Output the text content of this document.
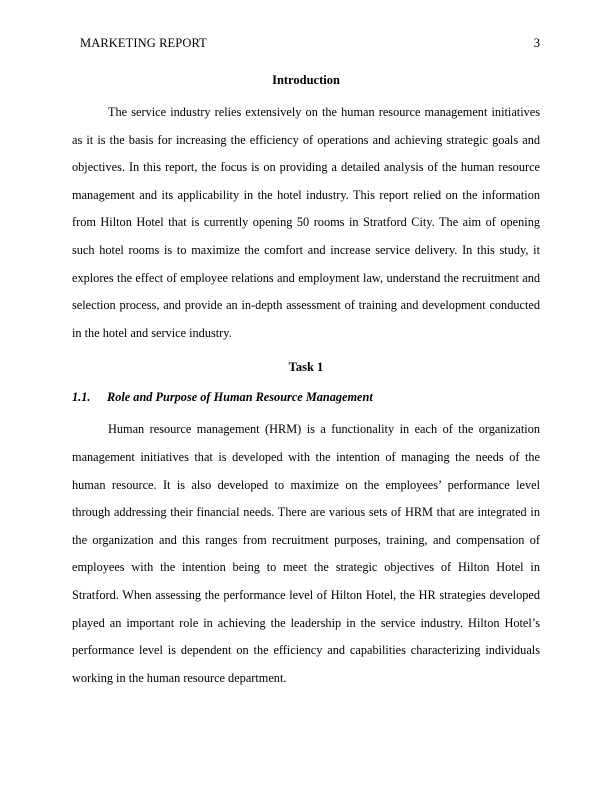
MARKETING REPORT	3
Introduction

The service industry relies extensively on the human resource management initiatives as it is the basis for increasing the efficiency of operations and achieving strategic goals and objectives. In this report, the focus is on providing a detailed analysis of the human resource management and its applicability in the hotel industry. This report relied on the information from Hilton Hotel that is currently opening 50 rooms in Stratford City. The aim of opening such hotel rooms is to maximize the comfort and increase service delivery. In this study, it explores the effect of employee relations and employment law, understand the recruitment and selection process, and provide an in-depth assessment of training and development conducted in the hotel and service industry.

Task 1
1.1. Role and Purpose of Human Resource Management

Human resource management (HRM) is a functionality in each of the organization management initiatives that is developed with the intention of managing the needs of the human resource. It is also developed to maximize on the employees’ performance level through addressing their financial needs. There are various sets of HRM that are integrated in the organization and this ranges from recruitment purposes, training, and compensation of employees with the intention being to meet the strategic objectives of Hilton Hotel in Stratford. When assessing the performance level of Hilton Hotel, the HR strategies developed played an important role in achieving the leadership in the service industry. Hilton Hotel’s performance level is dependent on the efficiency and capabilities characterizing individuals working in the human resource department.
